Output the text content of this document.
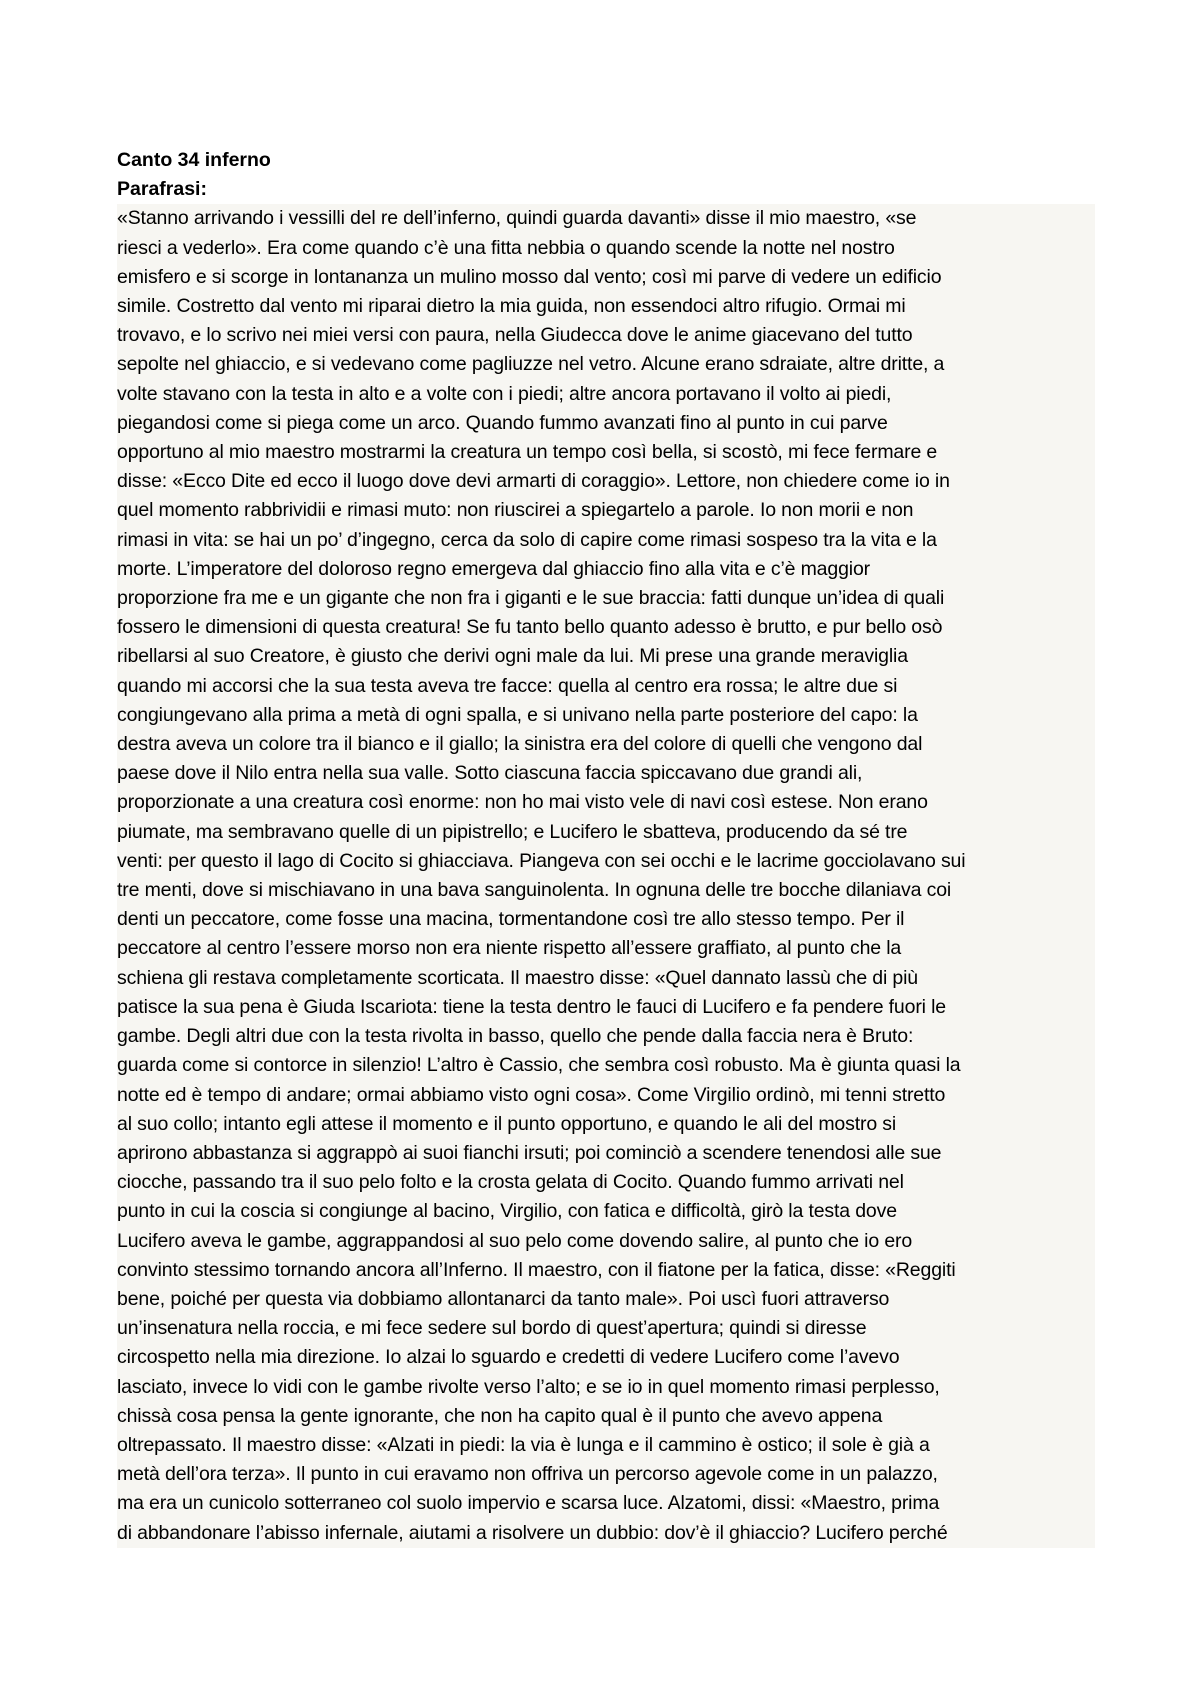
Canto 34 inferno

Parafrasi:

«Stanno arrivando i vessilli del re dell’inferno, quindi guarda davanti» disse il mio maestro, «se
riesci a vederlo». Era come quando c’è una fitta nebbia o quando scende la notte nel nostro
emisfero e si scorge in lontananza un mulino mosso dal vento; così mi parve di vedere un edificio
simile. Costretto dal vento mi riparai dietro la mia guida, non essendoci altro rifugio. Ormai mi
trovavo, e lo scrivo nei miei versi con paura, nella Giudecca dove le anime giacevano del tutto
sepolte nel ghiaccio, e si vedevano come pagliuzze nel vetro. Alcune erano sdraiate, altre dritte, a
volte stavano con la testa in alto e a volte con i piedi; altre ancora portavano il volto ai piedi,
piegandosi come si piega come un arco. Quando fummo avanzati fino al punto in cui parve
opportuno al mio maestro mostrarmi la creatura un tempo così bella, si scostò, mi fece fermare e
disse: «Ecco Dite ed ecco il luogo dove devi armarti di coraggio». Lettore, non chiedere come io in
quel momento rabbrividii e rimasi muto: non riuscirei a spiegartelo a parole. Io non morii e non
rimasi in vita: se hai un po’ d’ingegno, cerca da solo di capire come rimasi sospeso tra la vita e la
morte. L’imperatore del doloroso regno emergeva dal ghiaccio fino alla vita e c’è maggior
proporzione fra me e un gigante che non fra i giganti e le sue braccia: fatti dunque un’idea di quali
fossero le dimensioni di questa creatura! Se fu tanto bello quanto adesso è brutto, e pur bello osò
ribellarsi al suo Creatore, è giusto che derivi ogni male da lui. Mi prese una grande meraviglia
quando mi accorsi che la sua testa aveva tre facce: quella al centro era rossa; le altre due si
congiungevano alla prima a metà di ogni spalla, e si univano nella parte posteriore del capo: la
destra aveva un colore tra il bianco e il giallo; la sinistra era del colore di quelli che vengono dal
paese dove il Nilo entra nella sua valle. Sotto ciascuna faccia spiccavano due grandi ali,
proporzionate a una creatura così enorme: non ho mai visto vele di navi così estese. Non erano
piumate, ma sembravano quelle di un pipistrello; e Lucifero le sbatteva, producendo da sé tre
venti: per questo il lago di Cocito si ghiacciava. Piangeva con sei occhi e le lacrime gocciolavano sui
tre menti, dove si mischiavano in una bava sanguinolenta. In ognuna delle tre bocche dilaniava coi
denti un peccatore, come fosse una macina, tormentandone così tre allo stesso tempo. Per il
peccatore al centro l’essere morso non era niente rispetto all’essere graffiato, al punto che la
schiena gli restava completamente scorticata. Il maestro disse: «Quel dannato lassù che di più
patisce la sua pena è Giuda Iscariota: tiene la testa dentro le fauci di Lucifero e fa pendere fuori le
gambe. Degli altri due con la testa rivolta in basso, quello che pende dalla faccia nera è Bruto:
guarda come si contorce in silenzio! L’altro è Cassio, che sembra così robusto. Ma è giunta quasi la
notte ed è tempo di andare; ormai abbiamo visto ogni cosa». Come Virgilio ordinò, mi tenni stretto
al suo collo; intanto egli attese il momento e il punto opportuno, e quando le ali del mostro si
aprirono abbastanza si aggrappò ai suoi fianchi irsuti; poi cominciò a scendere tenendosi alle sue
ciocche, passando tra il suo pelo folto e la crosta gelata di Cocito. Quando fummo arrivati nel
punto in cui la coscia si congiunge al bacino, Virgilio, con fatica e difficoltà, girò la testa dove
Lucifero aveva le gambe, aggrappandosi al suo pelo come dovendo salire, al punto che io ero
convinto stessimo tornando ancora all’Inferno. Il maestro, con il fiatone per la fatica, disse: «Reggiti
bene, poiché per questa via dobbiamo allontanarci da tanto male». Poi uscì fuori attraverso
un’insenatura nella roccia, e mi fece sedere sul bordo di quest’apertura; quindi si diresse
circospetto nella mia direzione. Io alzai lo sguardo e credetti di vedere Lucifero come l’avevo
lasciato, invece lo vidi con le gambe rivolte verso l’alto; e se io in quel momento rimasi perplesso,
chissà cosa pensa la gente ignorante, che non ha capito qual è il punto che avevo appena
oltrepassato. Il maestro disse: «Alzati in piedi: la via è lunga e il cammino è ostico; il sole è già a
metà dell’ora terza». Il punto in cui eravamo non offriva un percorso agevole come in un palazzo,
ma era un cunicolo sotterraneo col suolo impervio e scarsa luce. Alzatomi, dissi: «Maestro, prima
di abbandonare l’abisso infernale, aiutami a risolvere un dubbio: dov’è il ghiaccio? Lucifero perché
